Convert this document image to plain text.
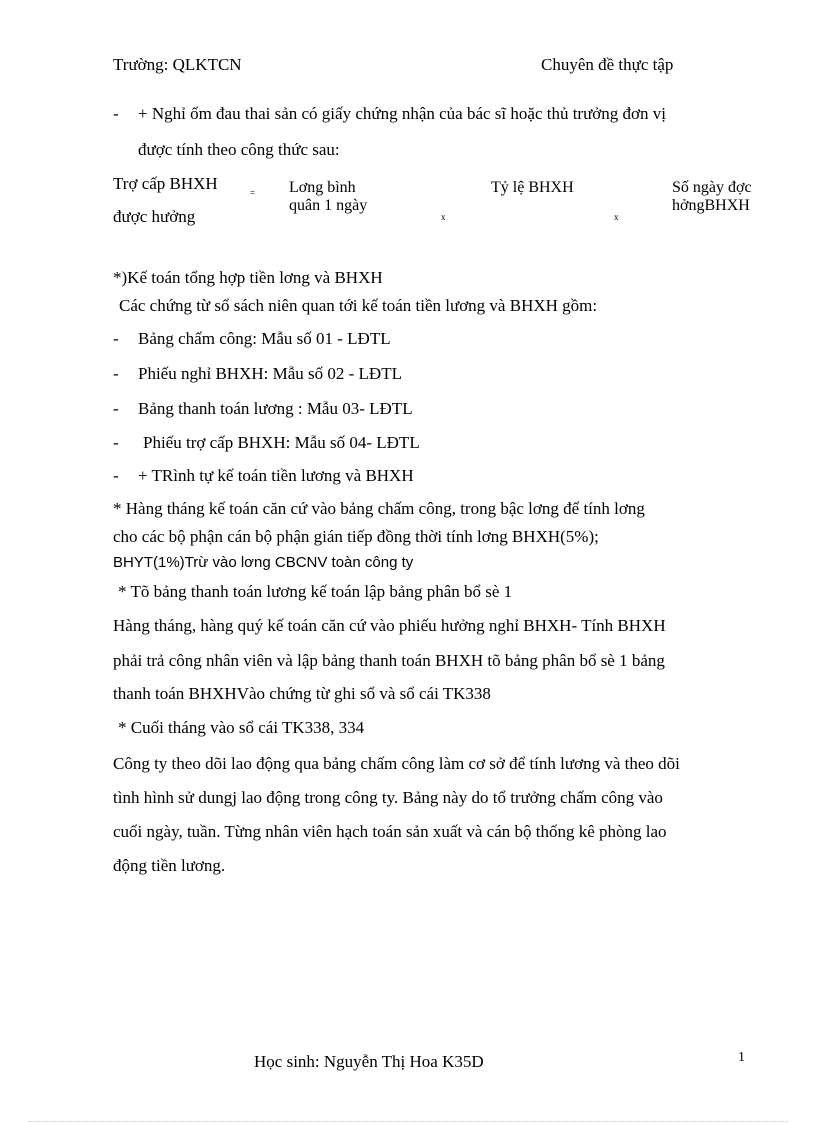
Trường: QLKTCN	Chuyên đề thực tập
- + Nghỉ ốm đau thai sản có giấy chứng nhận của bác sĩ hoặc thủ trưởng đơn vị
được tính theo công thức sau:
Trợ cấp BHXH
được hưởng
= Lơng bình
quân 1 ngày
x
Tỷ lệ BHXH
x
Số ngày đợc
hởngBHXH
*)Kế toán tổng hợp tiền lơng và BHXH
Các chứng từ sổ sách niên quan tới kế toán tiền lương và BHXH gồm:
- Bảng chấm công: Mẫu số 01 - LĐTL
- Phiếu nghỉ BHXH: Mẫu số 02 - LĐTL
- Bảng thanh toán lương : Mẫu 03- LĐTL
- Phiếu trợ cấp BHXH: Mẫu số 04- LĐTL
- + TRình tự kế toán tiền lương và BHXH
* Hàng tháng kế toán căn cứ vào bảng chấm công, trong bậc lơng để tính lơng
cho các bộ phận cán bộ phận gián tiếp đồng thời tính lơng BHXH(5%);
BHYT(1%)Trừ vào lơng CBCNV toàn công ty
* Tõ bảng thanh toán lương kế toán lập bảng phân bổ sè 1
Hàng tháng, hàng quý kế toán căn cứ vào phiếu hưởng nghỉ BHXH- Tính BHXH
phải trả công nhân viên và lập bảng thanh toán BHXH tõ bảng phân bổ sè 1 bảng
thanh toán BHXHVào chứng từ ghi sổ và sổ cái TK338
* Cuối tháng vào sổ cái TK338, 334
Công ty theo dõi lao động qua bảng chấm công làm cơ sở để tính lương và theo dõi
tình hình sử dungj lao động trong công ty. Bảng này do tổ trưởng chấm công vào
cuối ngày, tuần. Từng nhân viên hạch toán sản xuất và cán bộ thống kê phòng lao
động tiền lương.
Học sinh: Nguyễn Thị Hoa K35D	1
